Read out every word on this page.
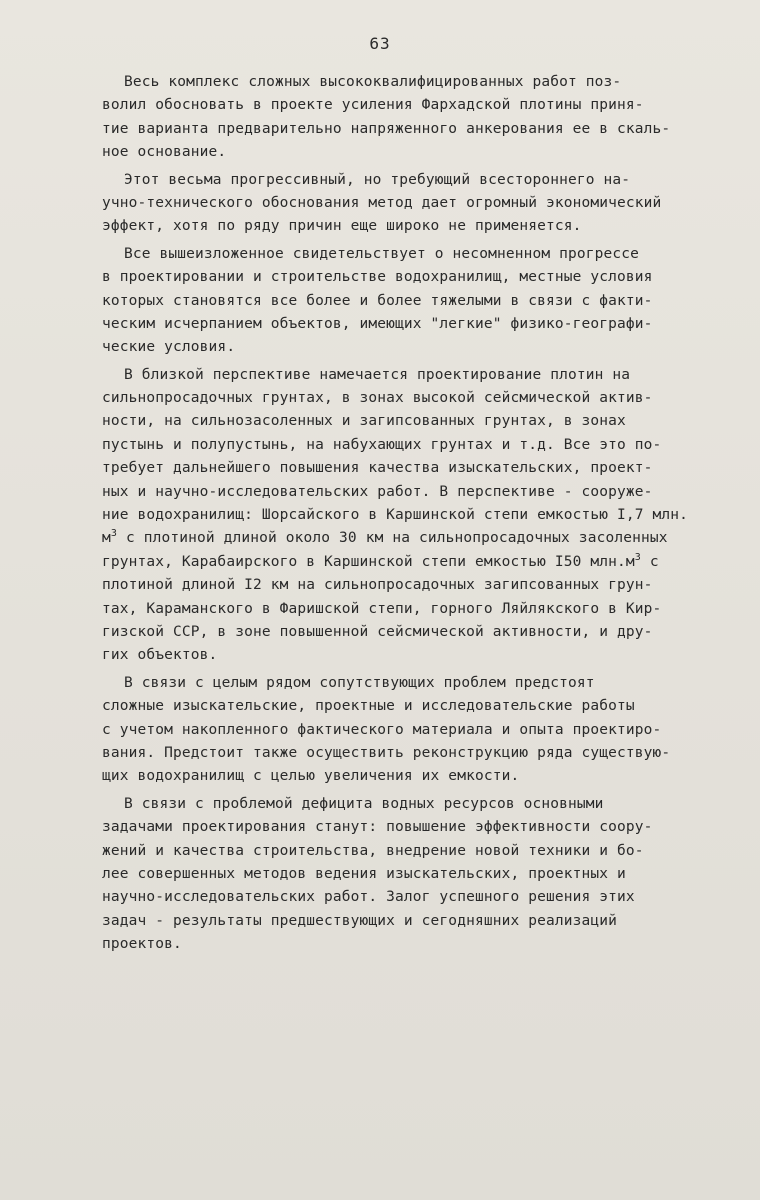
63
Весь комплекс сложных высококвалифицированных работ поз-
волил обосновать в проекте усиления Фархадской плотины приня-
тие варианта предварительно напряженного анкерования ее в скаль-
ное основание.
Этот весьма прогрессивный, но требующий всестороннего на-
учно-технического обоснования метод дает огромный экономический
эффект, хотя по ряду причин еще широко не применяется.
Все вышеизложенное свидетельствует о несомненном прогрессе
в проектировании и строительстве водохранилищ, местные условия
которых становятся все более и более тяжелыми в связи с факти-
ческим исчерпанием объектов, имеющих "легкие" физико-географи-
ческие условия.
В близкой перспективе намечается проектирование плотин на
сильнопросадочных грунтах, в зонах высокой сейсмической актив-
ности, на сильнозасоленных и загипсованных грунтах, в зонах
пустынь и полупустынь, на набухающих грунтах и т.д. Все это по-
требует дальнейшего повышения качества изыскательских, проект-
ных и научно-исследовательских работ. В перспективе - сооруже-
ние водохранилищ: Шорсайского в Каршинской степи емкостью I,7 млн.
$м^3$ с плотиной длиной около 30 км на сильнопросадочных засоленных
грунтах, Карабаирского в Каршинской степи емкостью I50 $млн.м^3$ с
плотиной длиной I2 км на сильнопросадочных загипсованных грун-
тах, Караманского в Фаришской степи, горного Ляйлякского в Кир-
гизской ССР, в зоне повышенной сейсмической активности, и дру-
гих объектов.
В связи с целым рядом сопутствующих проблем предстоят
сложные изыскательские, проектные и исследовательские работы
с учетом накопленного фактического материала и опыта проектиро-
вания. Предстоит также осуществить реконструкцию ряда существую-
щих водохранилищ с целью увеличения их емкости.
В связи с проблемой дефицита водных ресурсов основными
задачами проектирования станут: повышение эффективности соору-
жений и качества строительства, внедрение новой техники и бо-
лее совершенных методов ведения изыскательских, проектных и
научно-исследовательских работ. Залог успешного решения этих
задач - результаты предшествующих и сегодняшних реализаций
проектов.
